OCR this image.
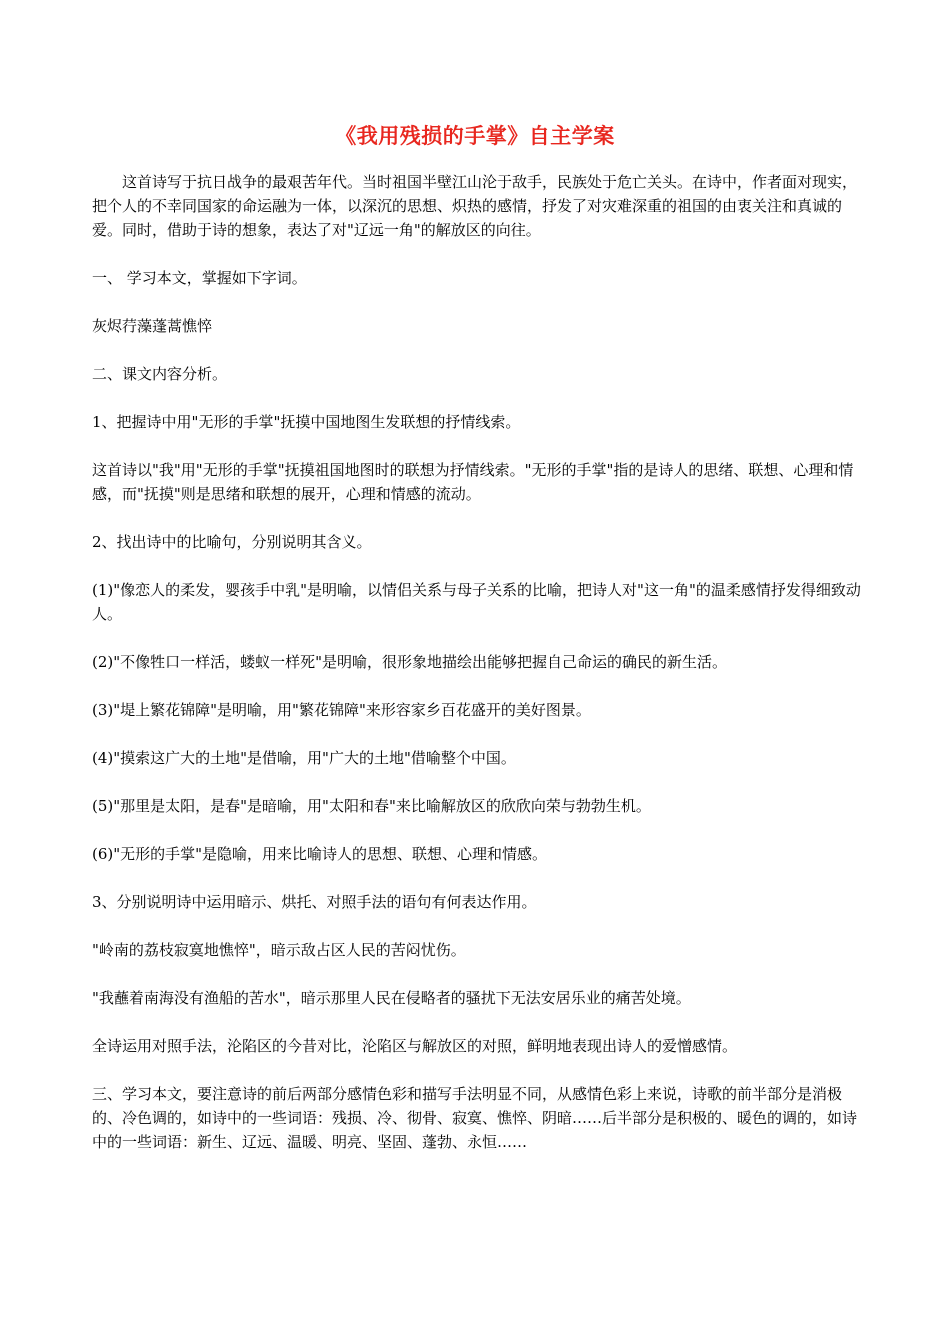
《我用残损的手掌》自主学案

这首诗写于抗日战争的最艰苦年代。当时祖国半壁江山沦于敌手，民族处于危亡关头。在诗中，作者面对现实，把个人的不幸同国家的命运融为一体，以深沉的思想、炽热的感情，抒发了对灾难深重的祖国的由衷关注和真诚的爱。同时，借助于诗的想象，表达了对"辽远一角"的解放区的向往。

一、 学习本文，掌握如下字词。

灰烬荇藻蓬蒿憔悴

二、课文内容分析。

1、把握诗中用"无形的手掌"抚摸中国地图生发联想的抒情线索。

这首诗以"我"用"无形的手掌"抚摸祖国地图时的联想为抒情线索。"无形的手掌"指的是诗人的思绪、联想、心理和情感，而"抚摸"则是思绪和联想的展开，心理和情感的流动。

2、找出诗中的比喻句，分别说明其含义。

(1)"像恋人的柔发，婴孩手中乳"是明喻，以情侣关系与母子关系的比喻，把诗人对"这一角"的温柔感情抒发得细致动人。

(2)"不像牲口一样活，蝼蚁一样死"是明喻，很形象地描绘出能够把握自己命运的确民的新生活。

(3)"堤上繁花锦障"是明喻，用"繁花锦障"来形容家乡百花盛开的美好图景。

(4)"摸索这广大的土地"是借喻，用"广大的土地"借喻整个中国。

(5)"那里是太阳，是春"是暗喻，用"太阳和春"来比喻解放区的欣欣向荣与勃勃生机。

(6)"无形的手掌"是隐喻，用来比喻诗人的思想、联想、心理和情感。

3、分别说明诗中运用暗示、烘托、对照手法的语句有何表达作用。

"岭南的荔枝寂寞地憔悴"，暗示敌占区人民的苦闷忧伤。

"我蘸着南海没有渔船的苦水"，暗示那里人民在侵略者的骚扰下无法安居乐业的痛苦处境。

全诗运用对照手法，沦陷区的今昔对比，沦陷区与解放区的对照，鲜明地表现出诗人的爱憎感情。

三、学习本文，要注意诗的前后两部分感情色彩和描写手法明显不同，从感情色彩上来说，诗歌的前半部分是消极的、冷色调的，如诗中的一些词语：残损、冷、彻骨、寂寞、憔悴、阴暗……后半部分是积极的、暖色的调的，如诗中的一些词语：新生、辽远、温暖、明亮、坚固、蓬勃、永恒……
